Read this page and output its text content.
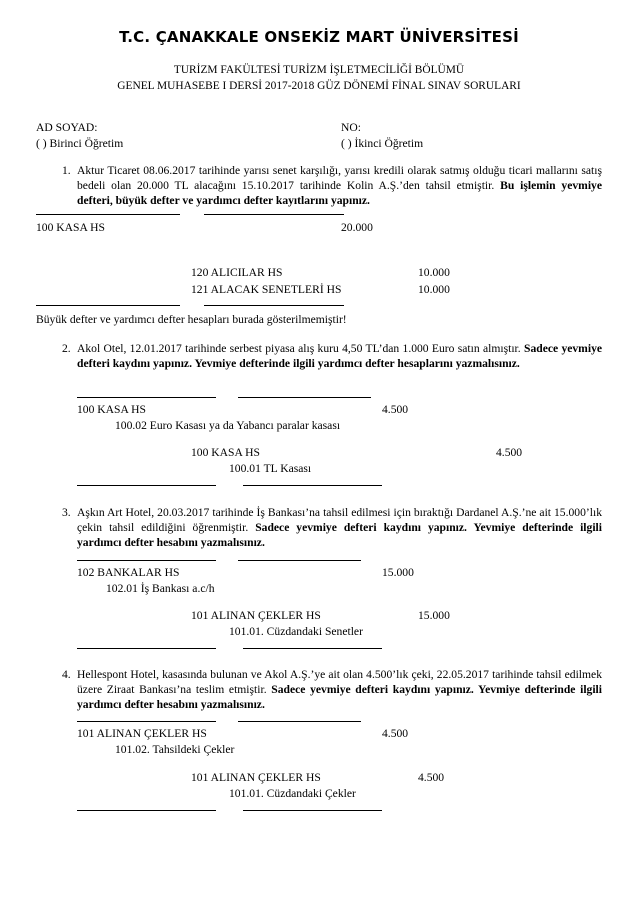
T.C. ÇANAKKALE ONSEKİZ MART ÜNİVERSİTESİ
TURİZM FAKÜLTESİ TURİZM İŞLETMECİLİĞİ BÖLÜMÜ
GENEL MUHASEBE I DERSİ 2017-2018 GÜZ DÖNEMİ FİNAL SINAV SORULARI
AD SOYAD:	NO:
( ) Birinci Öğretim	( ) İkinci Öğretim
1. Aktur Ticaret 08.06.2017 tarihinde yarısı senet karşılığı, yarısı kredili olarak satmış olduğu ticari mallarını satış bedeli olan 20.000 TL alacağını 15.10.2017 tarihinde Kolin A.Ş.’den tahsil etmiştir. Bu işlemin yevmiye defteri, büyük defter ve yardımcı defter kayıtlarını yapınız.
100 KASA HS	20.000
120 ALICILAR HS	10.000
121 ALACAK SENETLERİ HS	10.000
Büyük defter ve yardımcı defter hesapları burada gösterilmemiştir!
2. Akol Otel, 12.01.2017 tarihinde serbest piyasa alış kuru 4,50 TL’dan 1.000 Euro satın almıştır. Sadece yevmiye defteri kaydını yapınız. Yevmiye defterinde ilgili yardımcı defter hesaplarını yazmalısınız.
100 KASA HS	4.500
100.02 Euro Kasası ya da Yabancı paralar kasası
100 KASA HS	4.500
100.01 TL Kasası
3. Aşkın Art Hotel, 20.03.2017 tarihinde İş Bankası’na tahsil edilmesi için bıraktığı Dardanel A.Ş.’ne ait 15.000’lık çekin tahsil edildiğini öğrenmiştir. Sadece yevmiye defteri kaydını yapınız. Yevmiye defterinde ilgili yardımcı defter hesabını yazmalısınız.
102 BANKALAR HS	15.000
102.01 İş Bankası a.c/h
101 ALINAN ÇEKLER HS	15.000
101.01. Cüzdandaki Senetler
4. Hellespont Hotel, kasasında bulunan ve Akol A.Ş.’ye ait olan 4.500’lık çeki, 22.05.2017 tarihinde tahsil edilmek üzere Ziraat Bankası’na teslim etmiştir. Sadece yevmiye defteri kaydını yapınız. Yevmiye defterinde ilgili yardımcı defter hesabını yazmalısınız.
101 ALINAN ÇEKLER HS	4.500
101.02. Tahsildeki Çekler
101 ALINAN ÇEKLER HS	4.500
101.01. Cüzdandaki Çekler
